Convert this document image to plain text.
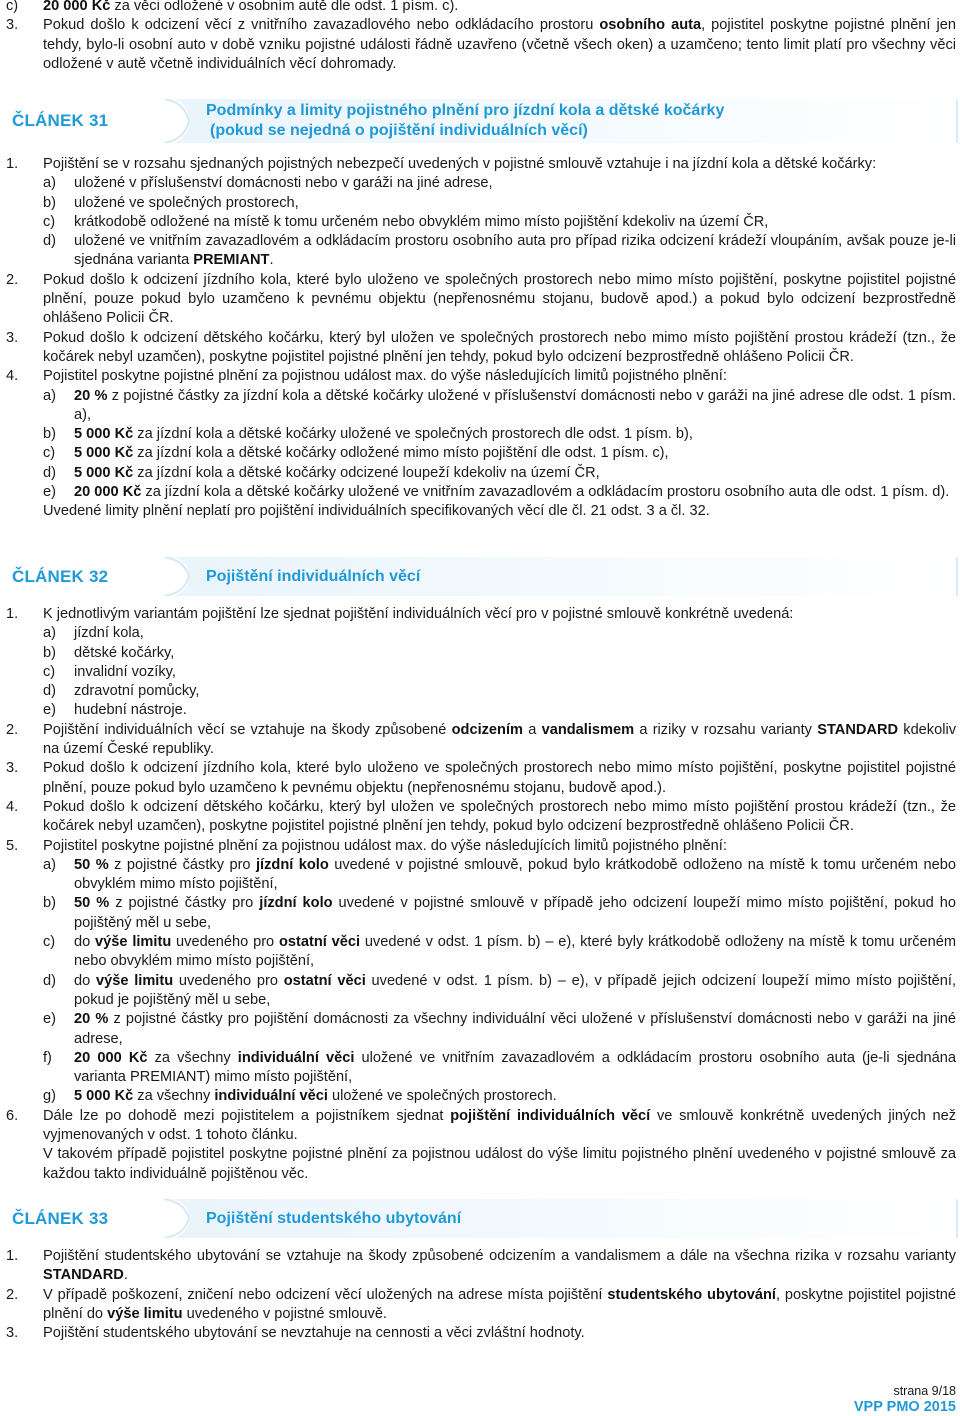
c) 20 000 Kč za věci odložené v osobním autě dle odst. 1 písm. c).
3. Pokud došlo k odcizení věcí z vnitřního zavazadlového nebo odkládacího prostoru osobního auta, pojistitel poskytne pojistné plnění jen tehdy, bylo-li osobní auto v době vzniku pojistné události řádně uzavřeno (včetně všech oken) a uzamčeno; tento limit platí pro všechny věci odložené v autě včetně individuálních věcí dohromady.
ČLÁNEK 31
Podmínky a limity pojistného plnění pro jízdní kola a dětské kočárky
(pokud se nejedná o pojištění individuálních věcí)
1. Pojištění se v rozsahu sjednaných pojistných nebezpečí uvedených v pojistné smlouvě vztahuje i na jízdní kola a dětské kočárky:
a) uložené v příslušenství domácnosti nebo v garáži na jiné adrese,
b) uložené ve společných prostorech,
c) krátkodobě odložené na místě k tomu určeném nebo obvyklém mimo místo pojištění kdekoliv na území ČR,
d) uložené ve vnitřním zavazadlovém a odkládacím prostoru osobního auta pro případ rizika odcizení krádeží vloupáním, avšak pouze je-li sjednána varianta PREMIANT.
2. Pokud došlo k odcizení jízdního kola, které bylo uloženo ve společných prostorech nebo mimo místo pojištění, poskytne pojistitel pojistné plnění, pouze pokud bylo uzamčeno k pevnému objektu (nepřenosnému stojanu, budově apod.) a pokud bylo odcizení bezprostředně ohlášeno Policii ČR.
3. Pokud došlo k odcizení dětského kočárku, který byl uložen ve společných prostorech nebo mimo místo pojištění prostou krádeží (tzn., že kočárek nebyl uzamčen), poskytne pojistitel pojistné plnění jen tehdy, pokud bylo odcizení bezprostředně ohlášeno Policii ČR.
4. Pojistitel poskytne pojistné plnění za pojistnou událost max. do výše následujících limitů pojistného plnění:
a) 20 % z pojistné částky za jízdní kola a dětské kočárky uložené v příslušenství domácnosti nebo v garáži na jiné adrese dle odst. 1 písm. a),
b) 5 000 Kč za jízdní kola a dětské kočárky uložené ve společných prostorech dle odst. 1 písm. b),
c) 5 000 Kč za jízdní kola a dětské kočárky odložené mimo místo pojištění dle odst. 1 písm. c),
d) 5 000 Kč za jízdní kola a dětské kočárky odcizené loupeží kdekoliv na území ČR,
e) 20 000 Kč za jízdní kola a dětské kočárky uložené ve vnitřním zavazadlovém a odkládacím prostoru osobního auta dle odst. 1 písm. d).
Uvedené limity plnění neplatí pro pojištění individuálních specifikovaných věcí dle čl. 21 odst. 3 a čl. 32.
ČLÁNEK 32	Pojištění individuálních věcí
1. K jednotlivým variantám pojištění lze sjednat pojištění individuálních věcí pro v pojistné smlouvě konkrétně uvedená:
a) jízdní kola,
b) dětské kočárky,
c) invalidní vozíky,
d) zdravotní pomůcky,
e) hudební nástroje.
2. Pojištění individuálních věcí se vztahuje na škody způsobené odcizením a vandalismem a riziky v rozsahu varianty STANDARD kdekoliv na území České republiky.
3. Pokud došlo k odcizení jízdního kola, které bylo uloženo ve společných prostorech nebo mimo místo pojištění, poskytne pojistitel pojistné plnění, pouze pokud bylo uzamčeno k pevnému objektu (nepřenosnému stojanu, budově apod.).
4. Pokud došlo k odcizení dětského kočárku, který byl uložen ve společných prostorech nebo mimo místo pojištění prostou krádeží (tzn., že kočárek nebyl uzamčen), poskytne pojistitel pojistné plnění jen tehdy, pokud bylo odcizení bezprostředně ohlášeno Policii ČR.
5. Pojistitel poskytne pojistné plnění za pojistnou událost max. do výše následujících limitů pojistného plnění:
a) 50 % z pojistné částky pro jízdní kolo uvedené v pojistné smlouvě, pokud bylo krátkodobě odloženo na místě k tomu určeném nebo obvyklém mimo místo pojištění,
b) 50 % z pojistné částky pro jízdní kolo uvedené v pojistné smlouvě v případě jeho odcizení loupeží mimo místo pojištění, pokud ho pojištěný měl u sebe,
c) do výše limitu uvedeného pro ostatní věci uvedené v odst. 1 písm. b) – e), které byly krátkodobě odloženy na místě k tomu určeném nebo obvyklém mimo místo pojištění,
d) do výše limitu uvedeného pro ostatní věci uvedené v odst. 1 písm. b) – e), v případě jejich odcizení loupeží mimo místo pojištění, pokud je pojištěný měl u sebe,
e) 20 % z pojistné částky pro pojištění domácnosti za všechny individuální věci uložené v příslušenství domácnosti nebo v garáži na jiné adrese,
f) 20 000 Kč za všechny individuální věci uložené ve vnitřním zavazadlovém a odkládacím prostoru osobního auta (je-li sjednána varianta PREMIANT) mimo místo pojištění,
g) 5 000 Kč za všechny individuální věci uložené ve společných prostorech.
6. Dále lze po dohodě mezi pojistitelem a pojistníkem sjednat pojištění individuálních věcí ve smlouvě konkrétně uvedených jiných než vyjmenovaných v odst. 1 tohoto článku.
V takovém případě pojistitel poskytne pojistné plnění za pojistnou událost do výše limitu pojistného plnění uvedeného v pojistné smlouvě za každou takto individuálně pojištěnou věc.
ČLÁNEK 33	Pojištění studentského ubytování
1. Pojištění studentského ubytování se vztahuje na škody způsobené odcizením a vandalismem a dále na všechna rizika v rozsahu varianty STANDARD.
2. V případě poškození, zničení nebo odcizení věcí uložených na adrese místa pojištění studentského ubytování, poskytne pojistitel pojistné plnění do výše limitu uvedeného v pojistné smlouvě.
3. Pojištění studentského ubytování se nevztahuje na cennosti a věci zvláštní hodnoty.
strana 9/18
VPP PMO 2015
